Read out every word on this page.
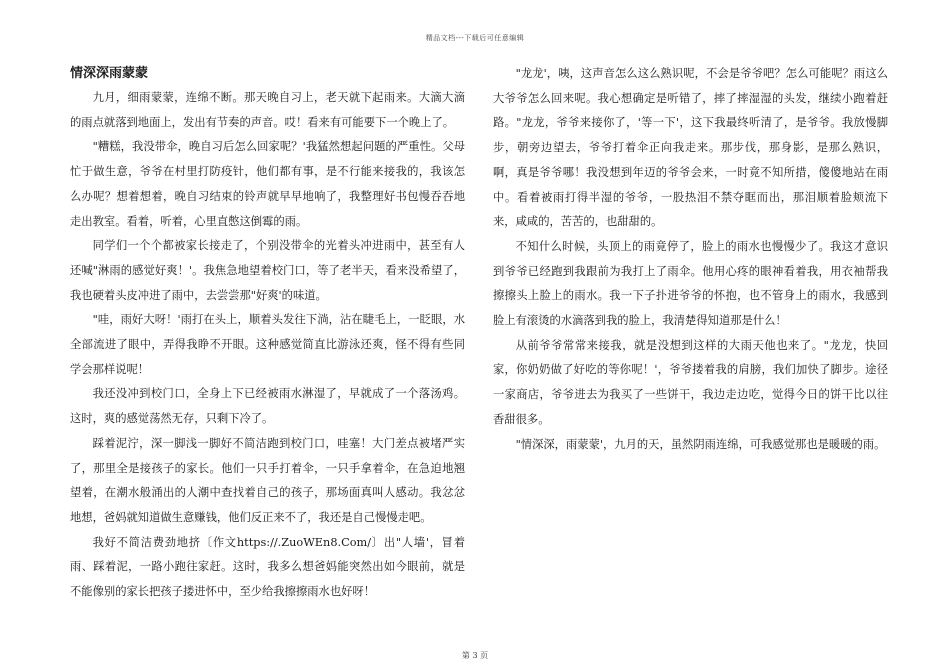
精品文档---下载后可任意编辑
情深深雨蒙蒙

九月，细雨蒙蒙，连绵不断。那天晚自习上，老天就下起雨来。大滴大滴的雨点就落到地面上，发出有节奏的声音。哎！看来有可能要下一个晚上了。

"糟糕，我没带伞，晚自习后怎么回家呢？'我猛然想起问题的严重性。父母忙于做生意，爷爷在村里打防疫针，他们都有事，是不行能来接我的，我该怎么办呢？想着想着，晚自习结束的铃声就早早地响了，我整理好书包慢吞吞地走出教室。看着，听着，心里直憋这倒霉的雨。

同学们一个个都被家长接走了，个别没带伞的光着头冲进雨中，甚至有人还喊"淋雨的感觉好爽！'。我焦急地望着校门口，等了老半天，看来没希望了，我也硬着头皮冲进了雨中，去尝尝那"好爽'的味道。

"哇，雨好大呀！'雨打在头上，顺着头发往下淌，沾在睫毛上，一眨眼，水全部流进了眼中，弄得我睁不开眼。这种感觉简直比游泳还爽，怪不得有些同学会那样说呢！

我还没冲到校门口，全身上下已经被雨水淋湿了，早就成了一个落汤鸡。这时，爽的感觉荡然无存，只剩下冷了。

踩着泥泞，深一脚浅一脚好不简洁跑到校门口，哇塞！大门差点被堵严实了，那里全是接孩子的家长。他们一只手打着伞，一只手拿着伞，在急迫地翘望着，在潮水般涌出的人潮中查找着自己的孩子，那场面真叫人感动。我忿忿地想，爸妈就知道做生意赚钱，他们反正来不了，我还是自己慢慢走吧。

我好不简洁费劲地挤〔作文https://.ZuoWEn8.Com/〕出"人墙'，冒着雨、踩着泥，一路小跑往家赶。这时，我多么想爸妈能突然出如今眼前，就是不能像别的家长把孩子搂进怀中，至少给我擦擦雨水也好呀！

"龙龙'，咦，这声音怎么这么熟识呢，不会是爷爷吧？怎么可能呢？雨这么大爷爷怎么回来呢。我心想确定是听错了，摔了摔湿湿的头发，继续小跑着赶路。"龙龙，爷爷来接你了，'等一下'，这下我最终听清了，是爷爷。我放慢脚步，朝旁边望去，爷爷打着伞正向我走来。那步伐，那身影，是那么熟识，啊，真是爷爷哪！我没想到年迈的爷爷会来，一时竟不知所措，傻傻地站在雨中。看着被雨打得半湿的爷爷，一股热泪不禁夺眶而出，那泪顺着脸颊流下来，咸咸的，苦苦的，也甜甜的。

不知什么时候，头顶上的雨竟停了，脸上的雨水也慢慢少了。我这才意识到爷爷已经跑到我跟前为我打上了雨伞。他用心疼的眼神看着我，用衣袖帮我擦擦头上脸上的雨水。我一下子扑进爷爷的怀抱，也不管身上的雨水，我感到脸上有滚烫的水滴落到我的脸上，我清楚得知道那是什么！

从前爷爷常常来接我，就是没想到这样的大雨天他也来了。"龙龙，快回家，你奶奶做了好吃的等你呢！'，爷爷搂着我的肩膀，我们加快了脚步。途径一家商店，爷爷进去为我买了一些饼干，我边走边吃，觉得今日的饼干比以往香甜很多。

"情深深，雨蒙蒙'，九月的天，虽然阴雨连绵，可我感觉那也是暖暖的雨。

第 3 页
